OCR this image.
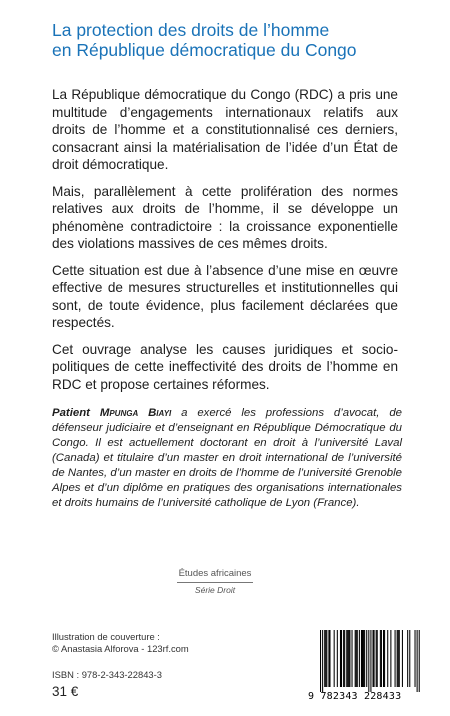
La protection des droits de l’homme
en République démocratique du Congo

La République démocratique du Congo (RDC) a pris une multitude d’engagements internationaux relatifs aux droits de l’homme et a constitutionnalisé ces derniers, consacrant ainsi la matérialisation de l’idée d’un État de droit démocratique.

Mais, parallèlement à cette prolifération des normes relatives aux droits de l’homme, il se développe un phénomène contradictoire : la croissance exponentielle des violations massives de ces mêmes droits.

Cette situation est due à l’absence d’une mise en œuvre effective de mesures structurelles et institutionnelles qui sont, de toute évidence, plus facilement déclarées que respectés.

Cet ouvrage analyse les causes juridiques et socio-politiques de cette ineffectivité des droits de l’homme en RDC et propose certaines réformes.

Patient Mpunga Biayi a exercé les professions d’avocat, de défenseur judiciaire et d’enseignant en République Démocratique du Congo. Il est actuellement doctorant en droit à l’université Laval (Canada) et titulaire d’un master en droit international de l’université de Nantes, d’un master en droits de l’homme de l’université Grenoble Alpes et d’un diplôme en pratiques des organisations internationales et droits humains de l’université catholique de Lyon (France).
Études africaines
Série Droit
Illustration de couverture :
© Anastasia Alforova - 123rf.com
ISBN : 978-2-343-22843-3
31 €	9 782343 228433
